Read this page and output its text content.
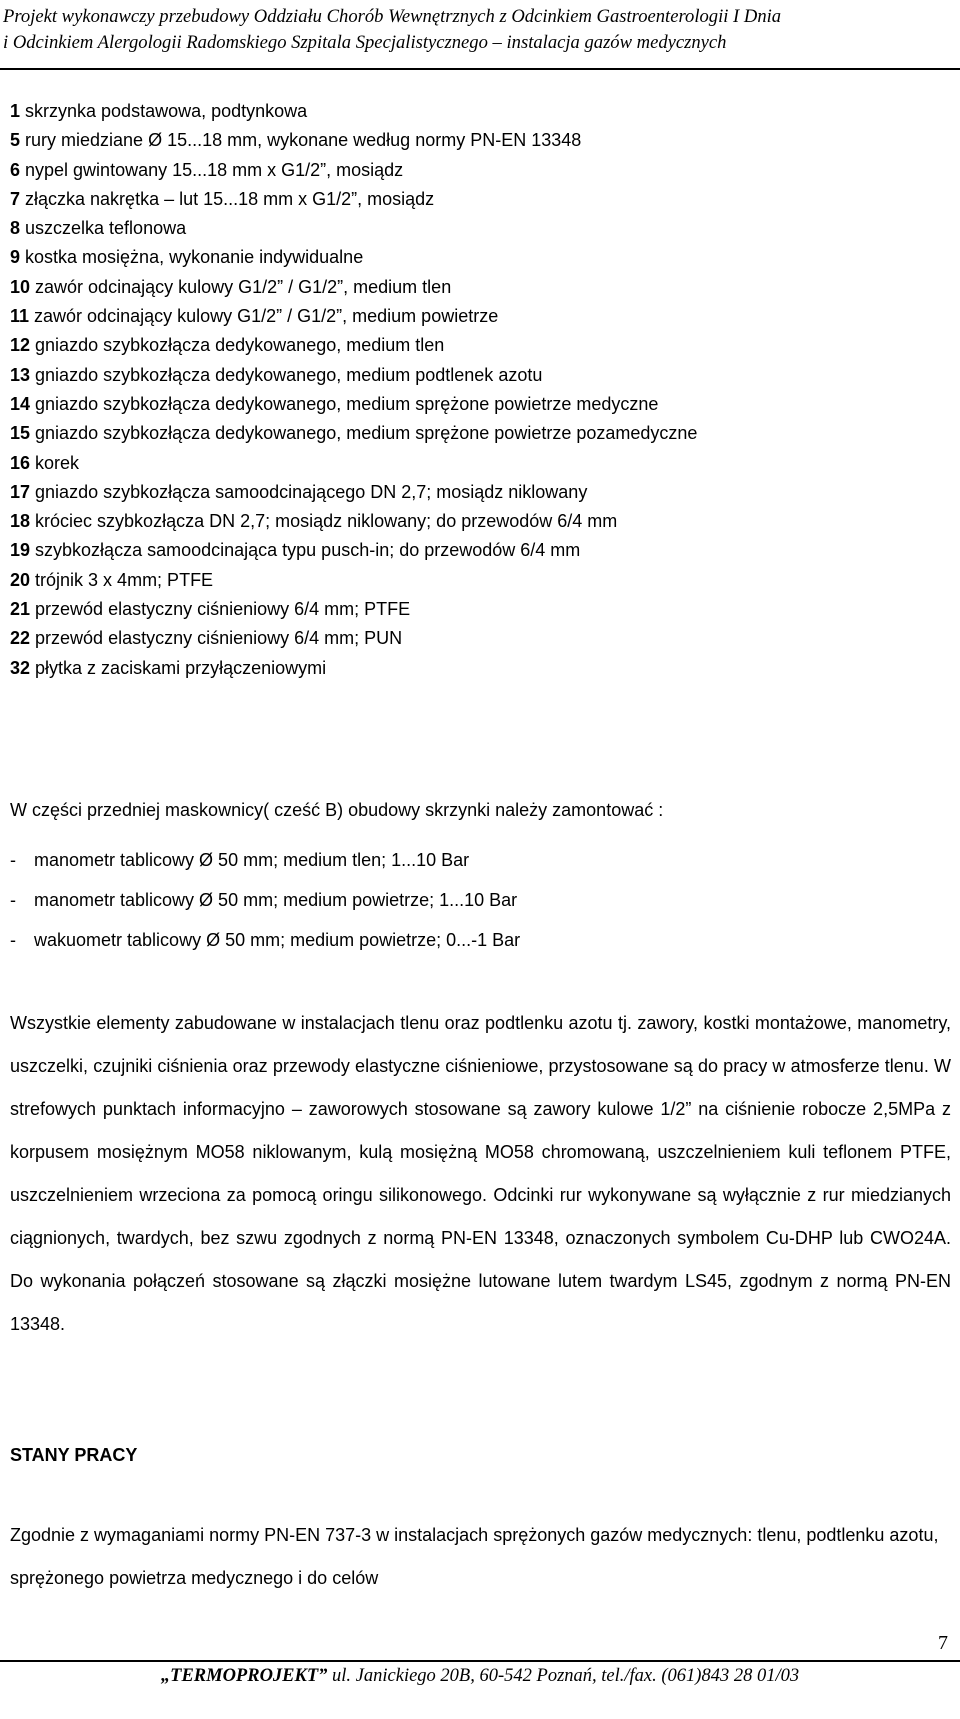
Projekt wykonawczy przebudowy Oddziału Chorób Wewnętrznych z Odcinkiem Gastroenterologii I Dnia
i Odcinkiem Alergologii Radomskiego Szpitala Specjalistycznego – instalacja gazów medycznych
1 skrzynka podstawowa, podtynkowa
5 rury miedziane Ø 15...18 mm, wykonane według normy PN-EN 13348
6 nypel gwintowany 15...18 mm x G1/2”, mosiądz
7 złączka nakrętka – lut 15...18 mm x G1/2”, mosiądz
8 uszczelka teflonowa
9 kostka mosiężna, wykonanie indywidualne
10 zawór odcinający kulowy G1/2” / G1/2”, medium tlen
11 zawór odcinający kulowy G1/2” / G1/2”, medium powietrze
12 gniazdo szybkozłącza dedykowanego, medium tlen
13 gniazdo szybkozłącza dedykowanego, medium podtlenek azotu
14 gniazdo szybkozłącza dedykowanego, medium sprężone powietrze medyczne
15 gniazdo szybkozłącza dedykowanego, medium sprężone powietrze pozamedyczne
16 korek
17 gniazdo szybkozłącza samoodcinającego DN 2,7; mosiądz niklowany
18 króciec szybkozłącza DN 2,7; mosiądz niklowany; do przewodów 6/4 mm
19 szybkozłącza samoodcinająca typu pusch-in; do przewodów 6/4 mm
20 trójnik 3 x 4mm; PTFE
21 przewód elastyczny ciśnieniowy 6/4 mm; PTFE
22 przewód elastyczny ciśnieniowy 6/4 mm; PUN
32 płytka z zaciskami przyłączeniowymi
W części przedniej maskownicy( cześć B) obudowy skrzynki należy zamontować :
- manometr tablicowy Ø 50 mm; medium tlen; 1...10 Bar
- manometr tablicowy Ø 50 mm; medium powietrze; 1...10 Bar
- wakuometr tablicowy Ø 50 mm; medium powietrze; 0...-1 Bar

Wszystkie elementy zabudowane w instalacjach tlenu oraz podtlenku azotu tj. zawory, kostki montażowe, manometry, uszczelki, czujniki ciśnienia oraz przewody elastyczne ciśnieniowe, przystosowane są do pracy w atmosferze tlenu. W strefowych punktach informacyjno – zaworowych stosowane są zawory kulowe 1/2” na ciśnienie robocze 2,5MPa z korpusem mosiężnym MO58 niklowanym, kulą mosiężną MO58 chromowaną, uszczelnieniem kuli teflonem PTFE, uszczelnieniem wrzeciona za pomocą oringu silikonowego. Odcinki rur wykonywane są wyłącznie z rur miedzianych ciągnionych, twardych, bez szwu zgodnych z normą PN-EN 13348, oznaczonych symbolem Cu-DHP lub CWO24A. Do wykonania połączeń stosowane są złączki mosiężne lutowane lutem twardym LS45, zgodnym z normą PN-EN 13348.

STANY PRACY

Zgodnie z wymaganiami normy PN-EN 737-3 w instalacjach sprężonych gazów medycznych: tlenu, podtlenku azotu, sprężonego powietrza medycznego i do celów

7
„TERMOPROJEKT” ul. Janickiego 20B, 60-542 Poznań, tel./fax. (061)843 28 01/03
